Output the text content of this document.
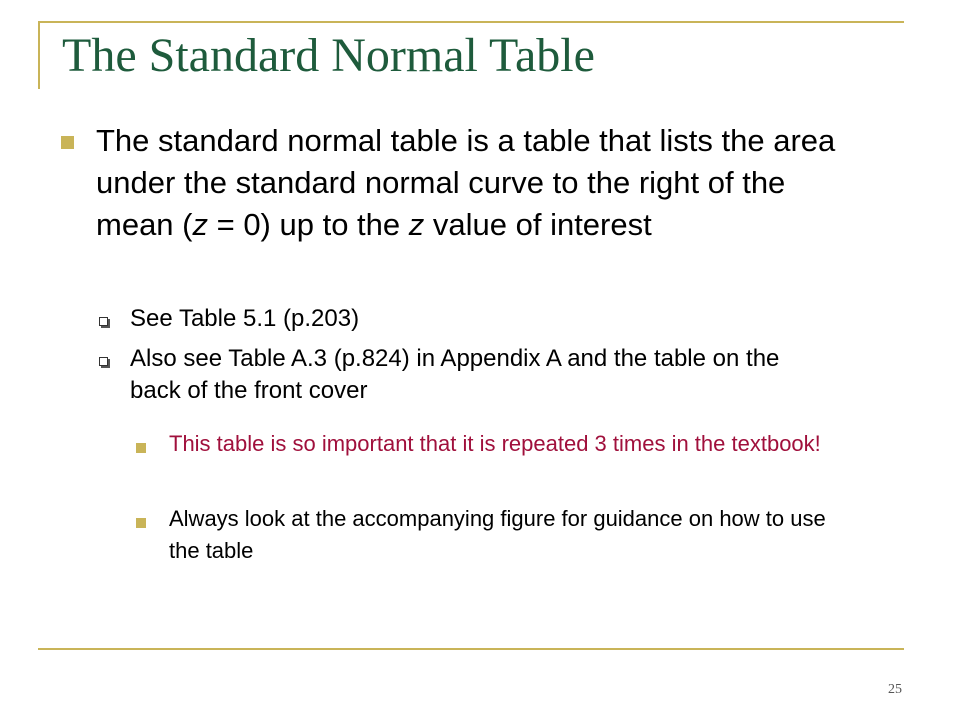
The Standard Normal Table

The standard normal table is a table that lists the area under the standard normal curve to the right of the mean (z = 0) up to the z value of interest

See Table 5.1 (p.203)

Also see Table A.3 (p.824) in Appendix A and the table on the back of the front cover

This table is so important that it is repeated 3 times in the textbook!

Always look at the accompanying figure for guidance on how to use the table

25
